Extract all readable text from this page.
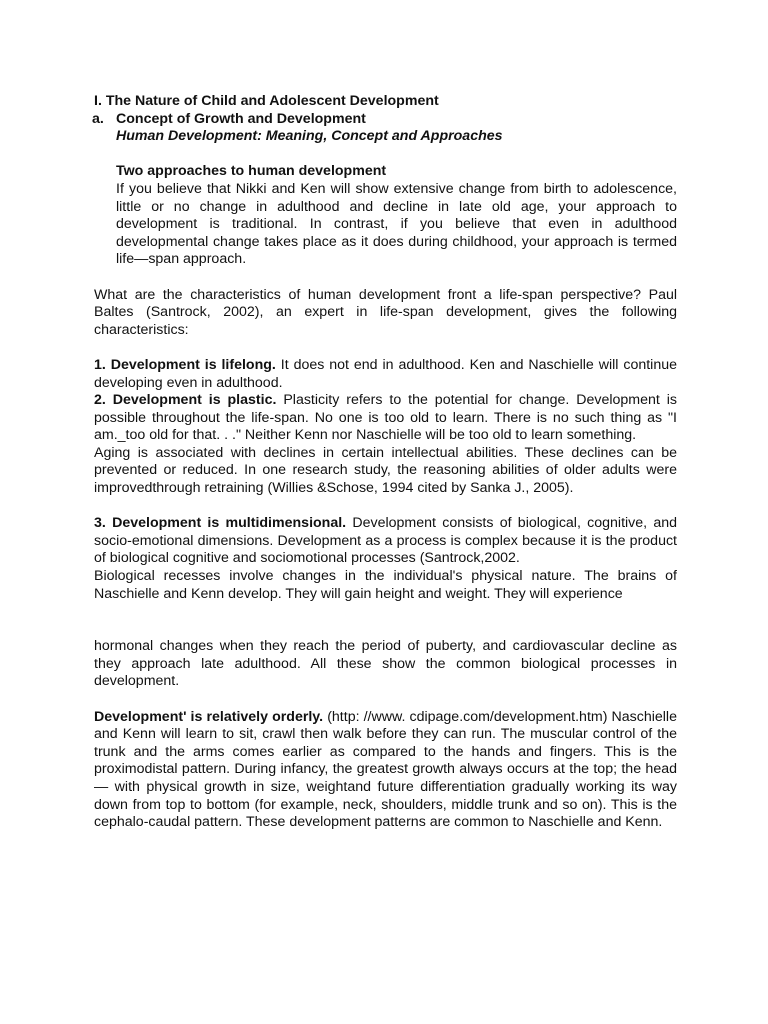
I. The Nature of Child and Adolescent Development
a. Concept of Growth and Development
Human Development: Meaning, Concept and Approaches
Two approaches to human development

If you believe that Nikki and Ken will show extensive change from birth to adolescence, little or no change in adulthood and decline in late old age, your approach to development is traditional. In contrast, if you believe that even in adulthood developmental change takes place as it does during childhood, your approach is termed life—span approach.

What are the characteristics of human development front a life-span perspective? Paul Baltes (Santrock, 2002), an expert in life-span development, gives the following characteristics:

1. Development is lifelong. It does not end in adulthood. Ken and Naschielle will continue developing even in adulthood.

2. Development is plastic. Plasticity refers to the potential for change. Development is possible throughout the life-span. No one is too old to learn. There is no such thing as "I am._too old for that. . ." Neither Kenn nor Naschielle will be too old to learn something.

Aging is associated with declines in certain intellectual abilities. These declines can be prevented or reduced. In one research study, the reasoning abilities of older adults were improvedthrough retraining (Willies &Schose, 1994 cited by Sanka J., 2005).

3. Development is multidimensional. Development consists of biological, cognitive, and socio-emotional dimensions. Development as a process is complex because it is the product of biological cognitive and sociomotional processes (Santrock,2002.

Biological recesses involve changes in the individual's physical nature. The brains of Naschielle and Kenn develop. They will gain height and weight. They will experience

hormonal changes when they reach the period of puberty, and cardiovascular decline as they approach late adulthood. All these show the common biological processes in development.

Development' is relatively orderly. (http: //www. cdipage.com/development.htm) Naschielle and Kenn will learn to sit, crawl then walk before they can run. The muscular control of the trunk and the arms comes earlier as compared to the hands and fingers. This is the proximodistal pattern. During infancy, the greatest growth always occurs at the top; the head— with physical growth in size, weightand future differentiation gradually working its way down from top to bottom (for example, neck, shoulders, middle trunk and so on). This is the cephalo-caudal pattern. These development patterns are common to Naschielle and Kenn.
